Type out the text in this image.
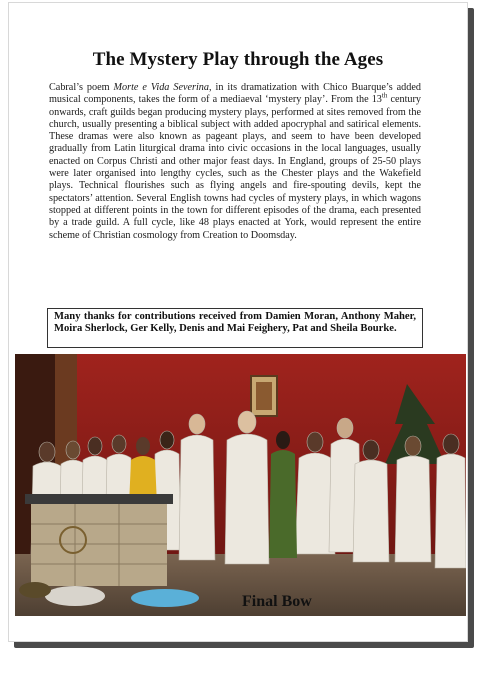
The Mystery Play through the Ages

Cabral’s poem Morte e Vida Severina, in its dramatization with Chico Buarque’s added musical components, takes the form of a mediaeval ‘mystery play’. From the 13th century onwards, craft guilds began producing mystery plays, performed at sites removed from the church, usually presenting a biblical subject with added apocryphal and satirical elements. These dramas were also known as pageant plays, and seem to have been developed gradually from Latin liturgical drama into civic occasions in the local languages, usually enacted on Corpus Christi and other major feast days. In England, groups of 25-50 plays were later organised into lengthy cycles, such as the Chester plays and the Wakefield plays. Technical flourishes such as flying angels and fire-spouting devils, kept the spectators’ attention. Several English towns had cycles of mystery plays, in which wagons stopped at different points in the town for different episodes of the drama, each presented by a trade guild. A full cycle, like 48 plays enacted at York, would represent the entire scheme of Christian cosmology from Creation to Doomsday.

Many thanks for contributions received from Damien Moran, Anthony Maher, Moira Sherlock, Ger Kelly, Denis and Mai Feighery, Pat and Sheila Bourke.
Final Bow
